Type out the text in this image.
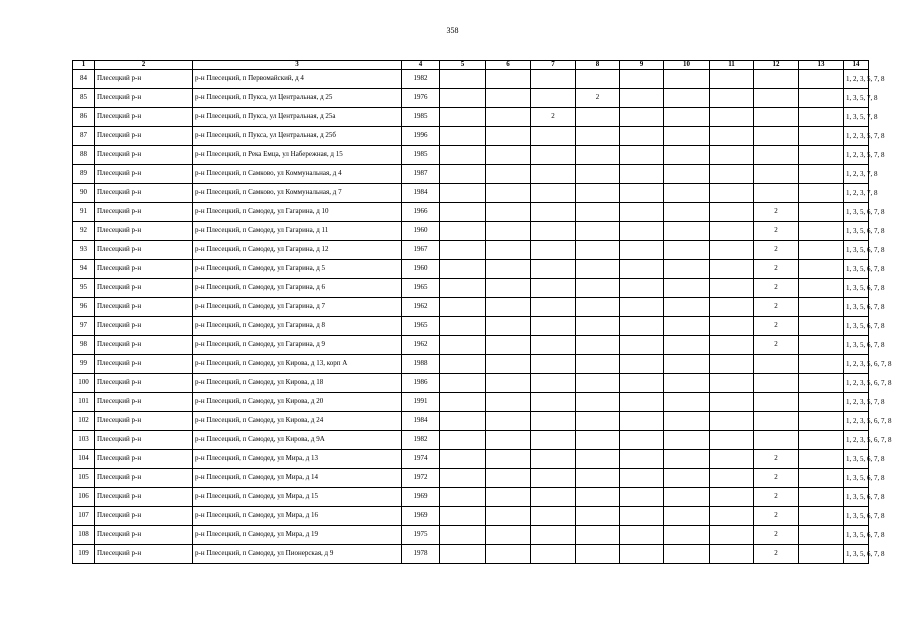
358
1	2	3	4	5	6	7	8	9	10	11	12	13	14
84	Плесецкий р-н	р-н Плесецкий, п Первомайский, д 4	1982										1, 2, 3, 5, 7, 8
85	Плесецкий р-н	р-н Плесецкий, п Пукса, ул Центральная, д 25	1976				2						1, 3, 5, 7, 8
86	Плесецкий р-н	р-н Плесецкий, п Пукса, ул Центральная, д 25а	1985			2							1, 3, 5, 7, 8
87	Плесецкий р-н	р-н Плесецкий, п Пукса, ул Центральная, д 25б	1996										1, 2, 3, 5, 7, 8
88	Плесецкий р-н	р-н Плесецкий, п Река Емца, ул Набережная, д 15	1985										1, 2, 3, 5, 7, 8
89	Плесецкий р-н	р-н Плесецкий, п Самково, ул Коммунальная, д 4	1987										1, 2, 3, 7, 8
90	Плесецкий р-н	р-н Плесецкий, п Самково, ул Коммунальная, д 7	1984										1, 2, 3, 7, 8
91	Плесецкий р-н	р-н Плесецкий, п Самодед, ул Гагарина, д 10	1966								2		1, 3, 5, 6, 7, 8
92	Плесецкий р-н	р-н Плесецкий, п Самодед, ул Гагарина, д 11	1960								2		1, 3, 5, 6, 7, 8
93	Плесецкий р-н	р-н Плесецкий, п Самодед, ул Гагарина, д 12	1967								2		1, 3, 5, 6, 7, 8
94	Плесецкий р-н	р-н Плесецкий, п Самодед, ул Гагарина, д 5	1960								2		1, 3, 5, 6, 7, 8
95	Плесецкий р-н	р-н Плесецкий, п Самодед, ул Гагарина, д 6	1965								2		1, 3, 5, 6, 7, 8
96	Плесецкий р-н	р-н Плесецкий, п Самодед, ул Гагарина, д 7	1962								2		1, 3, 5, 6, 7, 8
97	Плесецкий р-н	р-н Плесецкий, п Самодед, ул Гагарина, д 8	1965								2		1, 3, 5, 6, 7, 8
98	Плесецкий р-н	р-н Плесецкий, п Самодед, ул Гагарина, д 9	1962								2		1, 3, 5, 6, 7, 8
99	Плесецкий р-н	р-н Плесецкий, п Самодед, ул Кирова, д 13, корп А	1988										1, 2, 3, 5, 6, 7, 8
100	Плесецкий р-н	р-н Плесецкий, п Самодед, ул Кирова, д 18	1986										1, 2, 3, 5, 6, 7, 8
101	Плесецкий р-н	р-н Плесецкий, п Самодед, ул Кирова, д 20	1991										1, 2, 3, 5, 7, 8
102	Плесецкий р-н	р-н Плесецкий, п Самодед, ул Кирова, д 24	1984										1, 2, 3, 5, 6, 7, 8
103	Плесецкий р-н	р-н Плесецкий, п Самодед, ул Кирова, д 9А	1982										1, 2, 3, 5, 6, 7, 8
104	Плесецкий р-н	р-н Плесецкий, п Самодед, ул Мира, д 13	1974								2		1, 3, 5, 6, 7, 8
105	Плесецкий р-н	р-н Плесецкий, п Самодед, ул Мира, д 14	1972								2		1, 3, 5, 6, 7, 8
106	Плесецкий р-н	р-н Плесецкий, п Самодед, ул Мира, д 15	1969								2		1, 3, 5, 6, 7, 8
107	Плесецкий р-н	р-н Плесецкий, п Самодед, ул Мира, д 16	1969								2		1, 3, 5, 6, 7, 8
108	Плесецкий р-н	р-н Плесецкий, п Самодед, ул Мира, д 19	1975								2		1, 3, 5, 6, 7, 8
109	Плесецкий р-н	р-н Плесецкий, п Самодед, ул Пионерская, д 9	1978								2		1, 3, 5, 6, 7, 8
